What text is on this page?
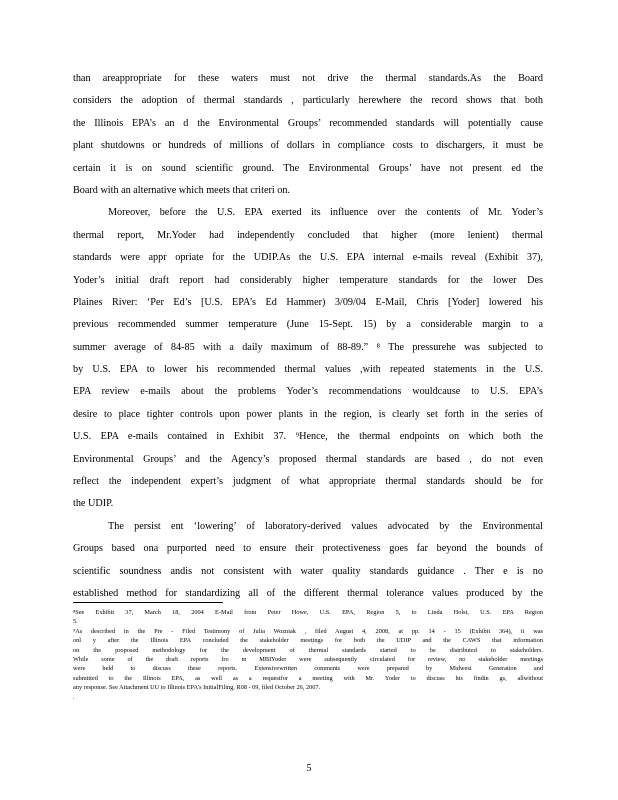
than areappropriate for these waters must not drive the thermal standards.As the Board
considers the adoption of thermal standards , particularly herewhere the record shows that both
the Illinois EPA’s an d the Environmental Groups’ recommended standards will potentially cause
plant shutdowns or hundreds of millions of dollars in compliance costs to dischargers, it must be
certain it is on sound scientific ground. The Environmental Groups’ have not present ed the
Board with an alternative which meets that criteri on.
Moreover, before the U.S. EPA exerted its influence over the contents of Mr. Yoder’s
thermal report, Mr.Yoder had independently concluded that higher (more lenient) thermal
standards were appr opriate for the UDIP.As the U.S. EPA internal e-mails reveal (Exhibit 37),
Yoder’s initial draft report had considerably higher temperature standards for the lower Des
Plaines River: ‘Per Ed’s [U.S. EPA’s Ed Hammer) 3/09/04 E-Mail, Chris [Yoder] lowered his
previous recommended summer temperature (June 15-Sept. 15) by a considerable margin to a
summer average of 84-85 with a daily maximum of 88-89.” ⁸ The pressurehe was subjected to
by U.S. EPA to lower his recommended thermal values ,with repeated statements in the U.S.
EPA review e-mails about the problems Yoder’s recommendations wouldcause to U.S. EPA’s
desire to place tighter controls upon power plants in the region, is clearly set forth in the series of
U.S. EPA e-mails contained in Exhibit 37. ⁹Hence, the thermal endpoints on which both the
Environmental Groups’ and the Agency’s proposed thermal standards are based , do not even
reflect the independent expert’s judgment of what appropriate thermal standards should be for
the UDIP.
The persist ent ‘lowering’ of laboratory-derived values advocated by the Environmental
Groups based ona purported need to ensure their protectiveness goes far beyond the bounds of
scientific soundness andis not consistent with water quality standards guidance . Ther e is no
established method for standardizing all of the different thermal tolerance values produced by the
⁸See Exhibit 37, March 18, 2004 E-Mail from Peter Howe, U.S. EPA, Region 5, to Linda Holst, U.S. EPA Region
5.
⁹As described in the Pre - Filed Testimony of Julia Wozniak , filed August 4, 2008, at pp. 14 - 15 (Exhibit 364), it was
onl y after the Illinois EPA concluded the stakeholder meetings for both the UDIP and the CAWS that information
on the proposed methodology for the development of thermal standards started to be distributed to stakeholders.
While some of the draft reports fro m MBIYoder were subsequently circulated for review, no stakeholder meetings
were held to discuss these reports. Extensivewritten comments were prepared by Midwest Generation and
submitted to the Illinois EPA, as well as a requestfor a meeting with Mr. Yoder to discuss his findin gs, allwithout
any response. See Attachment UU to Illinois EPA's InitialFiling, R08 - 09, filed October 26, 2007.
.
5
